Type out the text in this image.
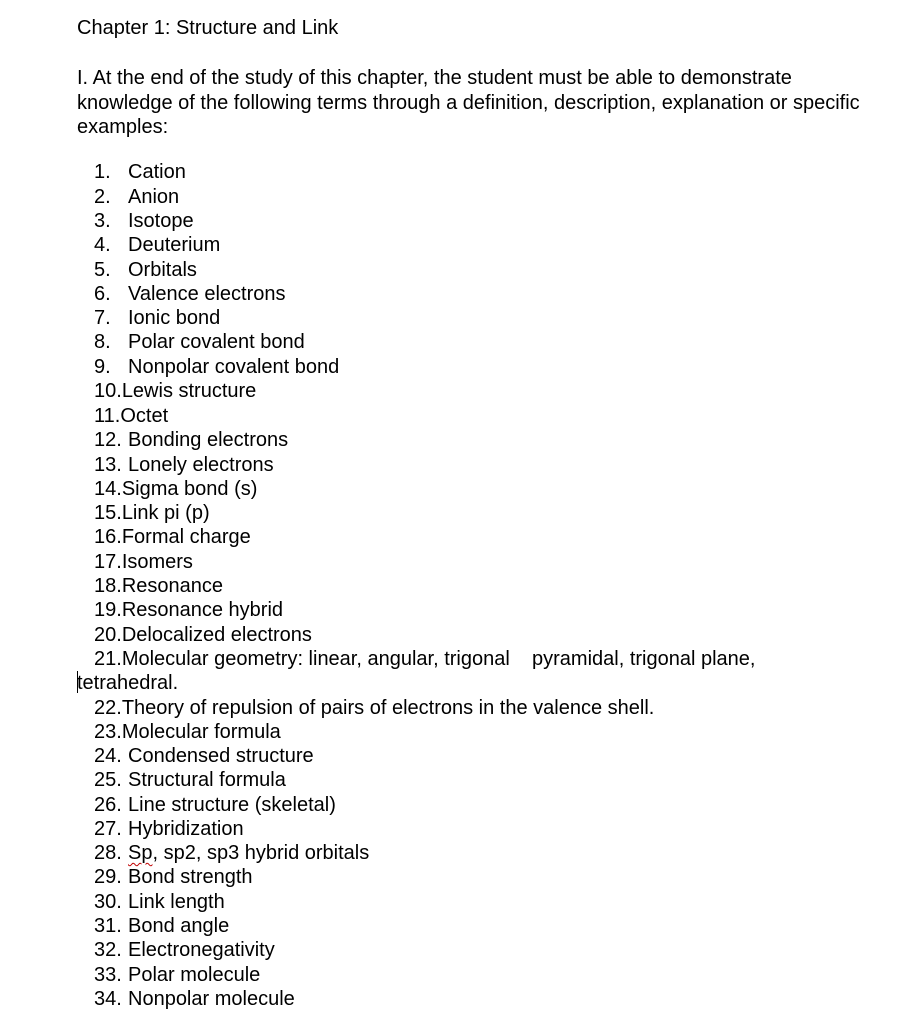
Chapter 1: Structure and Link
I. At the end of the study of this chapter, the student must be able to demonstrate knowledge of the following terms through a definition, description, explanation or specific examples:
1. Cation
2. Anion
3. Isotope
4. Deuterium
5. Orbitals
6. Valence electrons
7. Ionic bond
8. Polar covalent bond
9. Nonpolar covalent bond
10.Lewis structure
11.Octet
12. Bonding electrons
13. Lonely electrons
14.Sigma bond (s)
15.Link pi (p)
16.Formal charge
17.Isomers
18.Resonance
19.Resonance hybrid
20.Delocalized electrons
21.Molecular geometry: linear, angular, trigonal    pyramidal, trigonal plane,
tetrahedral.
22.Theory of repulsion of pairs of electrons in the valence shell.
23.Molecular formula
24. Condensed structure
25. Structural formula
26. Line structure (skeletal)
27. Hybridization
28. Sp, sp2, sp3 hybrid orbitals
29. Bond strength
30. Link length
31. Bond angle
32. Electronegativity
33. Polar molecule
34. Nonpolar molecule
